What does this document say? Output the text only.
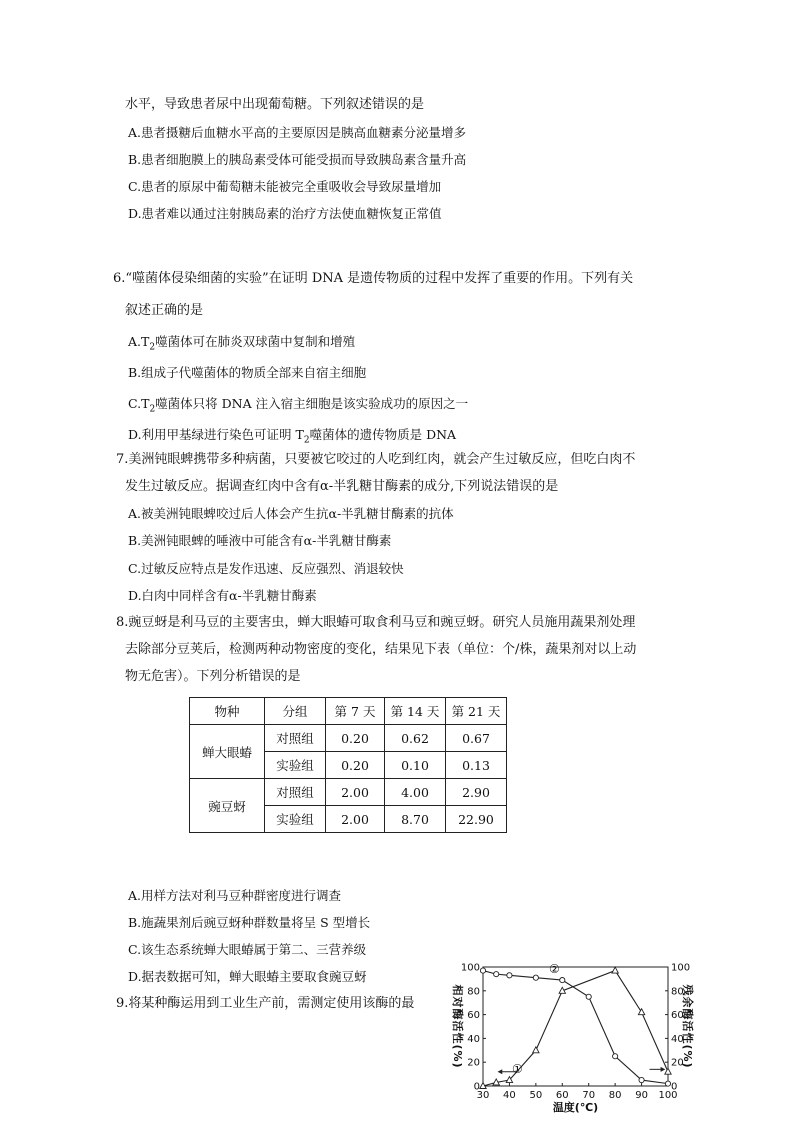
水平，导致患者尿中出现葡萄糖。下列叙述错误的是
A.患者摄糖后血糖水平高的主要原因是胰高血糖素分泌量增多
B.患者细胞膜上的胰岛素受体可能受损而导致胰岛素含量升高
C.患者的原尿中葡萄糖未能被完全重吸收会导致尿量增加
D.患者难以通过注射胰岛素的治疗方法使血糖恢复正常值
6.“噬菌体侵染细菌的实验”在证明 DNA 是遗传物质的过程中发挥了重要的作用。下列有关
叙述正确的是
$A.T_2$噬菌体可在肺炎双球菌中复制和增殖
B.组成子代噬菌体的物质全部来自宿主细胞
$C.T_2$噬菌体只将 DNA 注入宿主细胞是该实验成功的原因之一
D.利用甲基绿进行染色可证明 $T_2$噬菌体的遗传物质是 DNA
7.美洲钝眼蜱携带多种病菌，只要被它咬过的人吃到红肉，就会产生过敏反应，但吃白肉不
发生过敏反应。据调查红肉中含有α-半乳糖甘酶素的成分,下列说法错误的是
A.被美洲钝眼蜱咬过后人体会产生抗α-半乳糖甘酶素的抗体
B.美洲钝眼蜱的唾液中可能含有α-半乳糖甘酶素
C.过敏反应特点是发作迅速、反应强烈、消退较快
D.白肉中同样含有α-半乳糖甘酶素
8.豌豆蚜是利马豆的主要害虫，蝉大眼蝽可取食利马豆和豌豆蚜。研究人员施用蔬果剂处理
去除部分豆荚后，检测两种动物密度的变化，结果见下表（单位：个/株，蔬果剂对以上动
物无危害）。下列分析错误的是
物种	分组	第 7 天	第 14 天	第 21 天
蝉大眼蝽	对照组	0.20	0.62	0.67
	实验组	0.20	0.10	0.13
豌豆蚜	对照组	2.00	4.00	2.90
	实验组	2.00	8.70	22.90
A.用样方法对利马豆种群密度进行调查
B.施蔬果剂后豌豆蚜种群数量将呈 S 型增长
C.该生态系统蝉大眼蝽属于第二、三营养级
D.据表数据可知，蝉大眼蝽主要取食豌豆蚜
9.将某种酶运用到工业生产前，需测定使用该酶的最
30 40 50 60 70 80 90 100
0	0
20	20
40	40
60	60
80	80
100	100
温度(℃)
相对酶活性(%)	残余酶活性(%)
①
②
